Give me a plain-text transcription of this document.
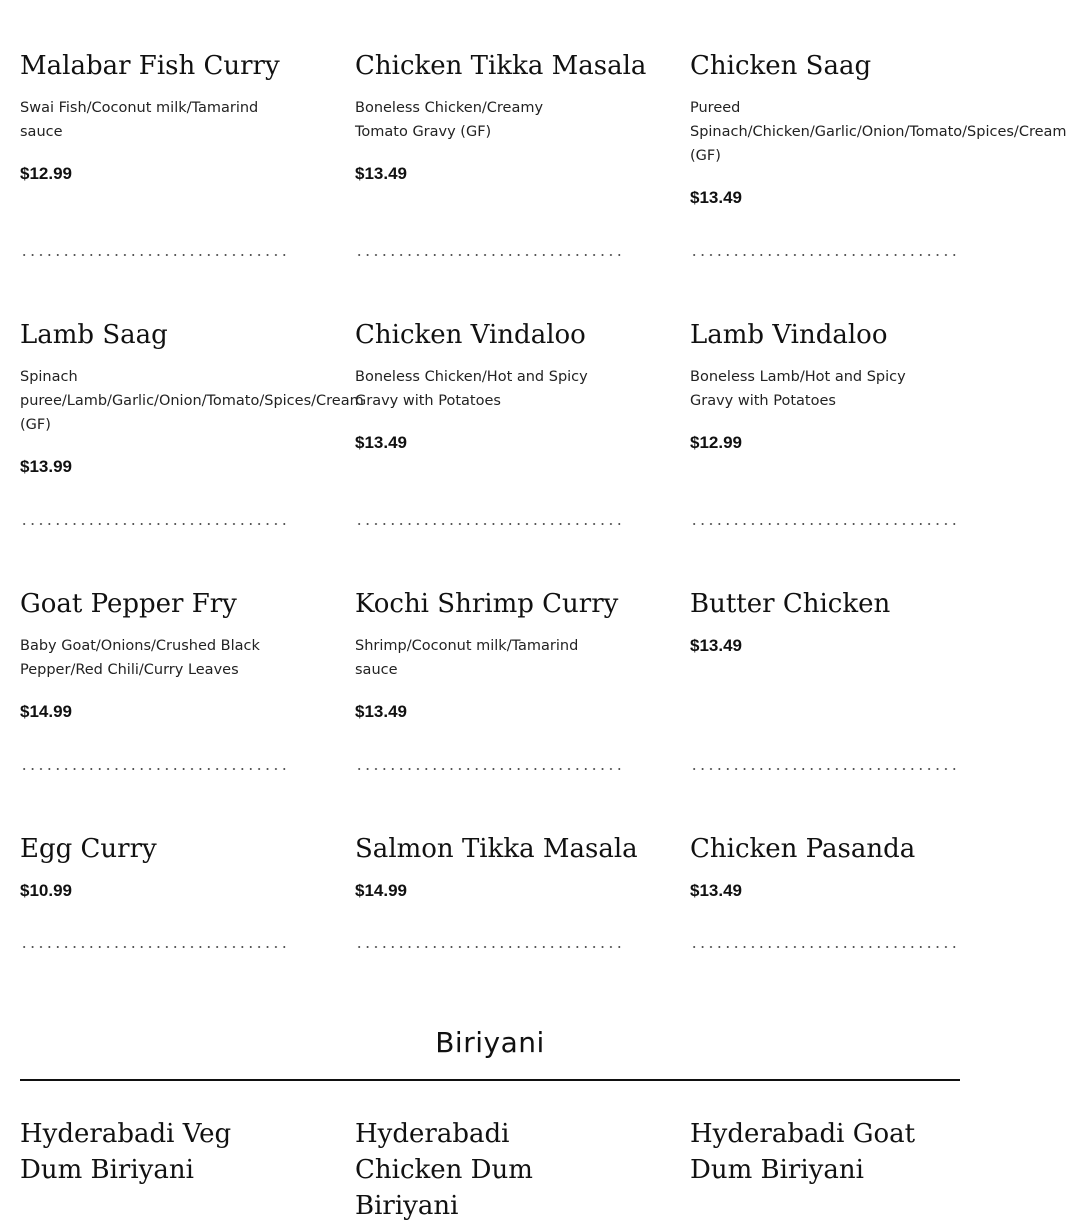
Malabar Fish Curry

Swai Fish/Coconut milk/Tamarind sauce

$12.99

Chicken Tikka Masala

Boneless Chicken/Creamy Tomato Gravy (GF)

$13.49

Chicken Saag

Pureed
Spinach/Chicken/Garlic/Onion/Tomato/Spices/Cream
(GF)

$13.49

Lamb Saag

Spinach
puree/Lamb/Garlic/Onion/Tomato/Spices/Cream
(GF)

$13.99

Chicken Vindaloo

Boneless Chicken/Hot and Spicy Gravy with Potatoes

$13.49

Lamb Vindaloo

Boneless Lamb/Hot and Spicy Gravy with Potatoes

$12.99

Goat Pepper Fry

Baby Goat/Onions/Crushed Black Pepper/Red Chili/Curry Leaves

$14.99

Kochi Shrimp Curry

Shrimp/Coconut milk/Tamarind sauce

$13.49

Butter Chicken

$13.49

Egg Curry

$10.99

Salmon Tikka Masala

$14.99

Chicken Pasanda

$13.49

Biriyani
Hyderabadi Veg Dum Biriyani
Hyderabadi Chicken Dum Biriyani
Hyderabadi Goat Dum Biriyani
